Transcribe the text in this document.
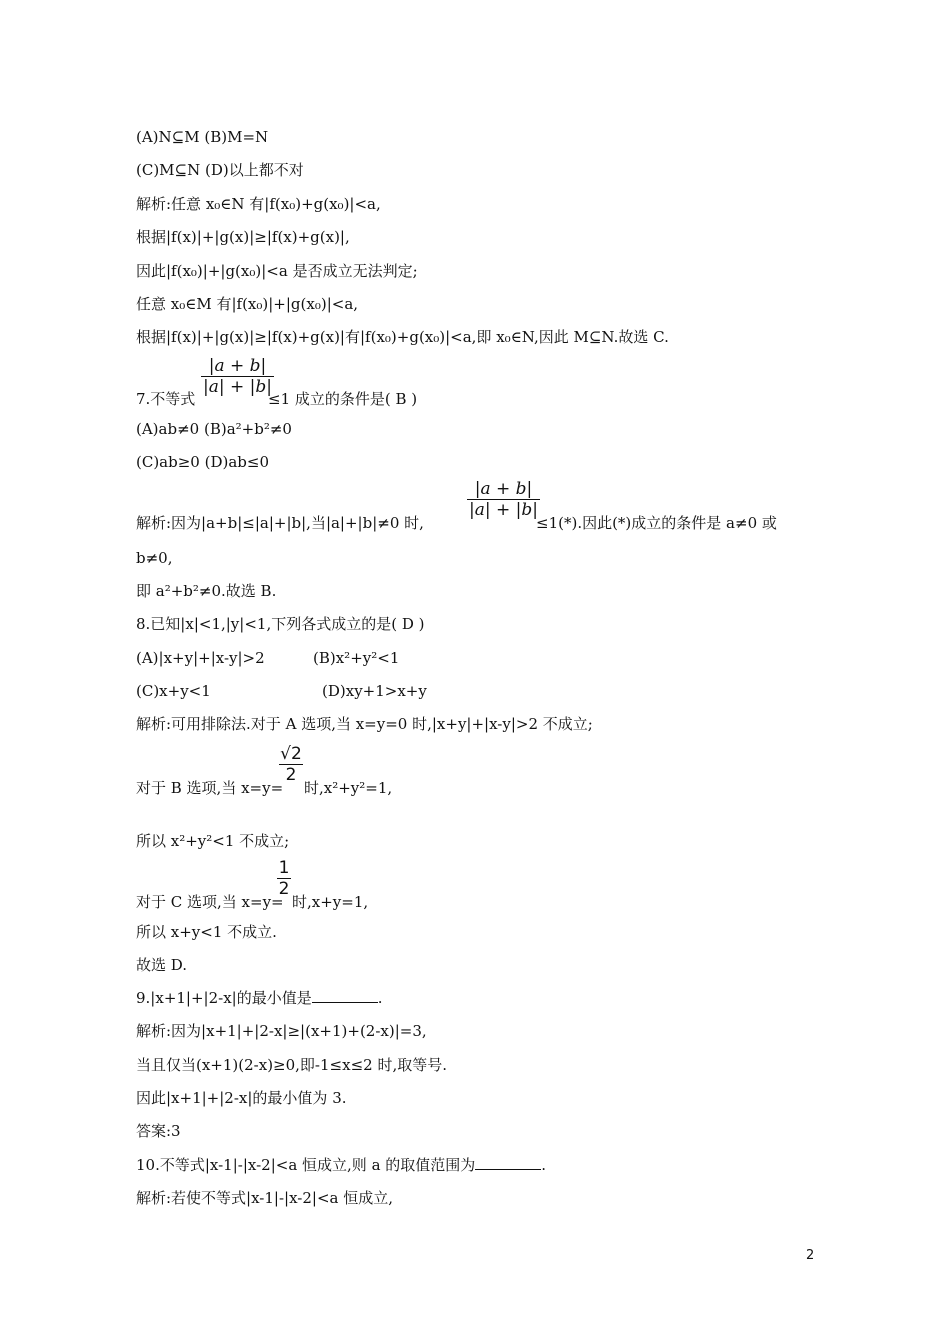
(A)N⊆M (B)M=N
(C)M⊆N (D)以上都不对
解析:任意 x₀∈N 有|f(x₀)+g(x₀)|<a,
根据|f(x)|+|g(x)|≥|f(x)+g(x)|,
因此|f(x₀)|+|g(x₀)|<a 是否成立无法判定;
任意 x₀∈M 有|f(x₀)|+|g(x₀)|<a,
根据|f(x)|+|g(x)|≥|f(x)+g(x)|有|f(x₀)+g(x₀)|<a,即 x₀∈N,因此 M⊆N.故选 C.
7.不等式
|a + b|
|a| + |b|
≤1 成立的条件是( B )
(A)ab≠0 (B)a²+b²≠0
(C)ab≥0 (D)ab≤0
解析:因为|a+b|≤|a|+|b|,当|a|+|b|≠0 时,
|a + b|
|a| + |b|
≤1(*).因此(*)成立的条件是 a≠0 或
b≠0,
即 a²+b²≠0.故选 B.
8.已知|x|<1,|y|<1,下列各式成立的是( D )
(A)|x+y|+|x-y|>2	(B)x²+y²<1
(C)x+y<1	(D)xy+1>x+y
解析:可用排除法.对于 A 选项,当 x=y=0 时,|x+y|+|x-y|>2 不成立;
对于 B 选项,当 x=y=
√2
2
时,x²+y²=1,
所以 x²+y²<1 不成立;
对于 C 选项,当 x=y=
1
2
时,x+y=1,
所以 x+y<1 不成立.
故选 D.
9.|x+1|+|2-x|的最小值是	.
解析:因为|x+1|+|2-x|≥|(x+1)+(2-x)|=3,
当且仅当(x+1)(2-x)≥0,即-1≤x≤2 时,取等号.
因此|x+1|+|2-x|的最小值为 3.
答案:3
10.不等式|x-1|-|x-2|<a 恒成立,则 a 的取值范围为	.
解析:若使不等式|x-1|-|x-2|<a 恒成立,
2
